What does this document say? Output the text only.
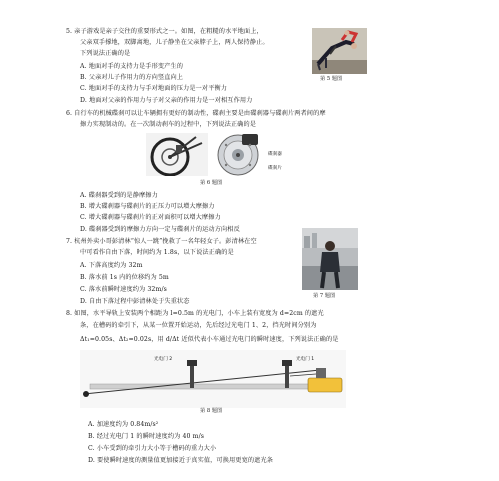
5. 亲子游戏是亲子交往的重要形式之一。如图，在粗糙的水平地面上，
父亲双手撑地，双脚离地，儿子静坐在父亲脖子上，两人保持静止。
下列说法正确的是
A. 地面对手的支持力是手形变产生的
B. 父亲对儿子作用力的方向竖直向上
C. 地面对手的支持力与手对地面的压力是一对平衡力
D. 地面对父亲的作用力与子对父亲的作用力是一对相互作用力
第 5 题图
6. 自行车的机械碟刹可以让车辆拥有更好的制动性，碟刹主要是由碟刹器与碟刹片两者间的摩
擦力实现制动的。在一次制动刹车的过程中，下列说法正确的是
碟刹器
碟刹片
第 6 题图
A. 碟刹器受到的是静摩擦力
B. 增大碟刹器与碟刹片的正压力可以增大摩擦力
C. 增大碟刹器与碟刹片的正对面积可以增大摩擦力
D. 碟刹器受到的摩擦力方向一定与碟刹片的运动方向相反
7. 杭州外卖小哥彭清林“惊人一跳”挽救了一名年轻女子。彭清林在空
中可看作自由下落，时间约为 1.8s，以下说法正确的是
A. 下落高度约为 32m
B. 落水前 1s 内的位移约为 5m
C. 落水前瞬时速度约为 32m/s
D. 自由下落过程中彭清林处于失重状态
第 7 题图
8. 如图，水平导轨上安装两个相距为 l=0.5m 的光电门，小车上装有宽度为 d=2cm 的遮光
条，在槽码的牵引下，从某一位置开始运动，先后经过光电门 1、2，挡光时间分别为
Δt₁=0.05s、Δt₂=0.02s，用 d/Δt 近似代表小车通过光电门的瞬时速度，下列说法正确的是
光电门 2	光电门 1
第 8 题图
A. 加速度约为 0.84m/s²
B. 经过光电门 1 的瞬时速度约为 40 m/s
C. 小车受到的牵引力大小等于槽码的重力大小
D. 要使瞬时速度的测量值更加接近于真实值，可换用更宽的遮光条
